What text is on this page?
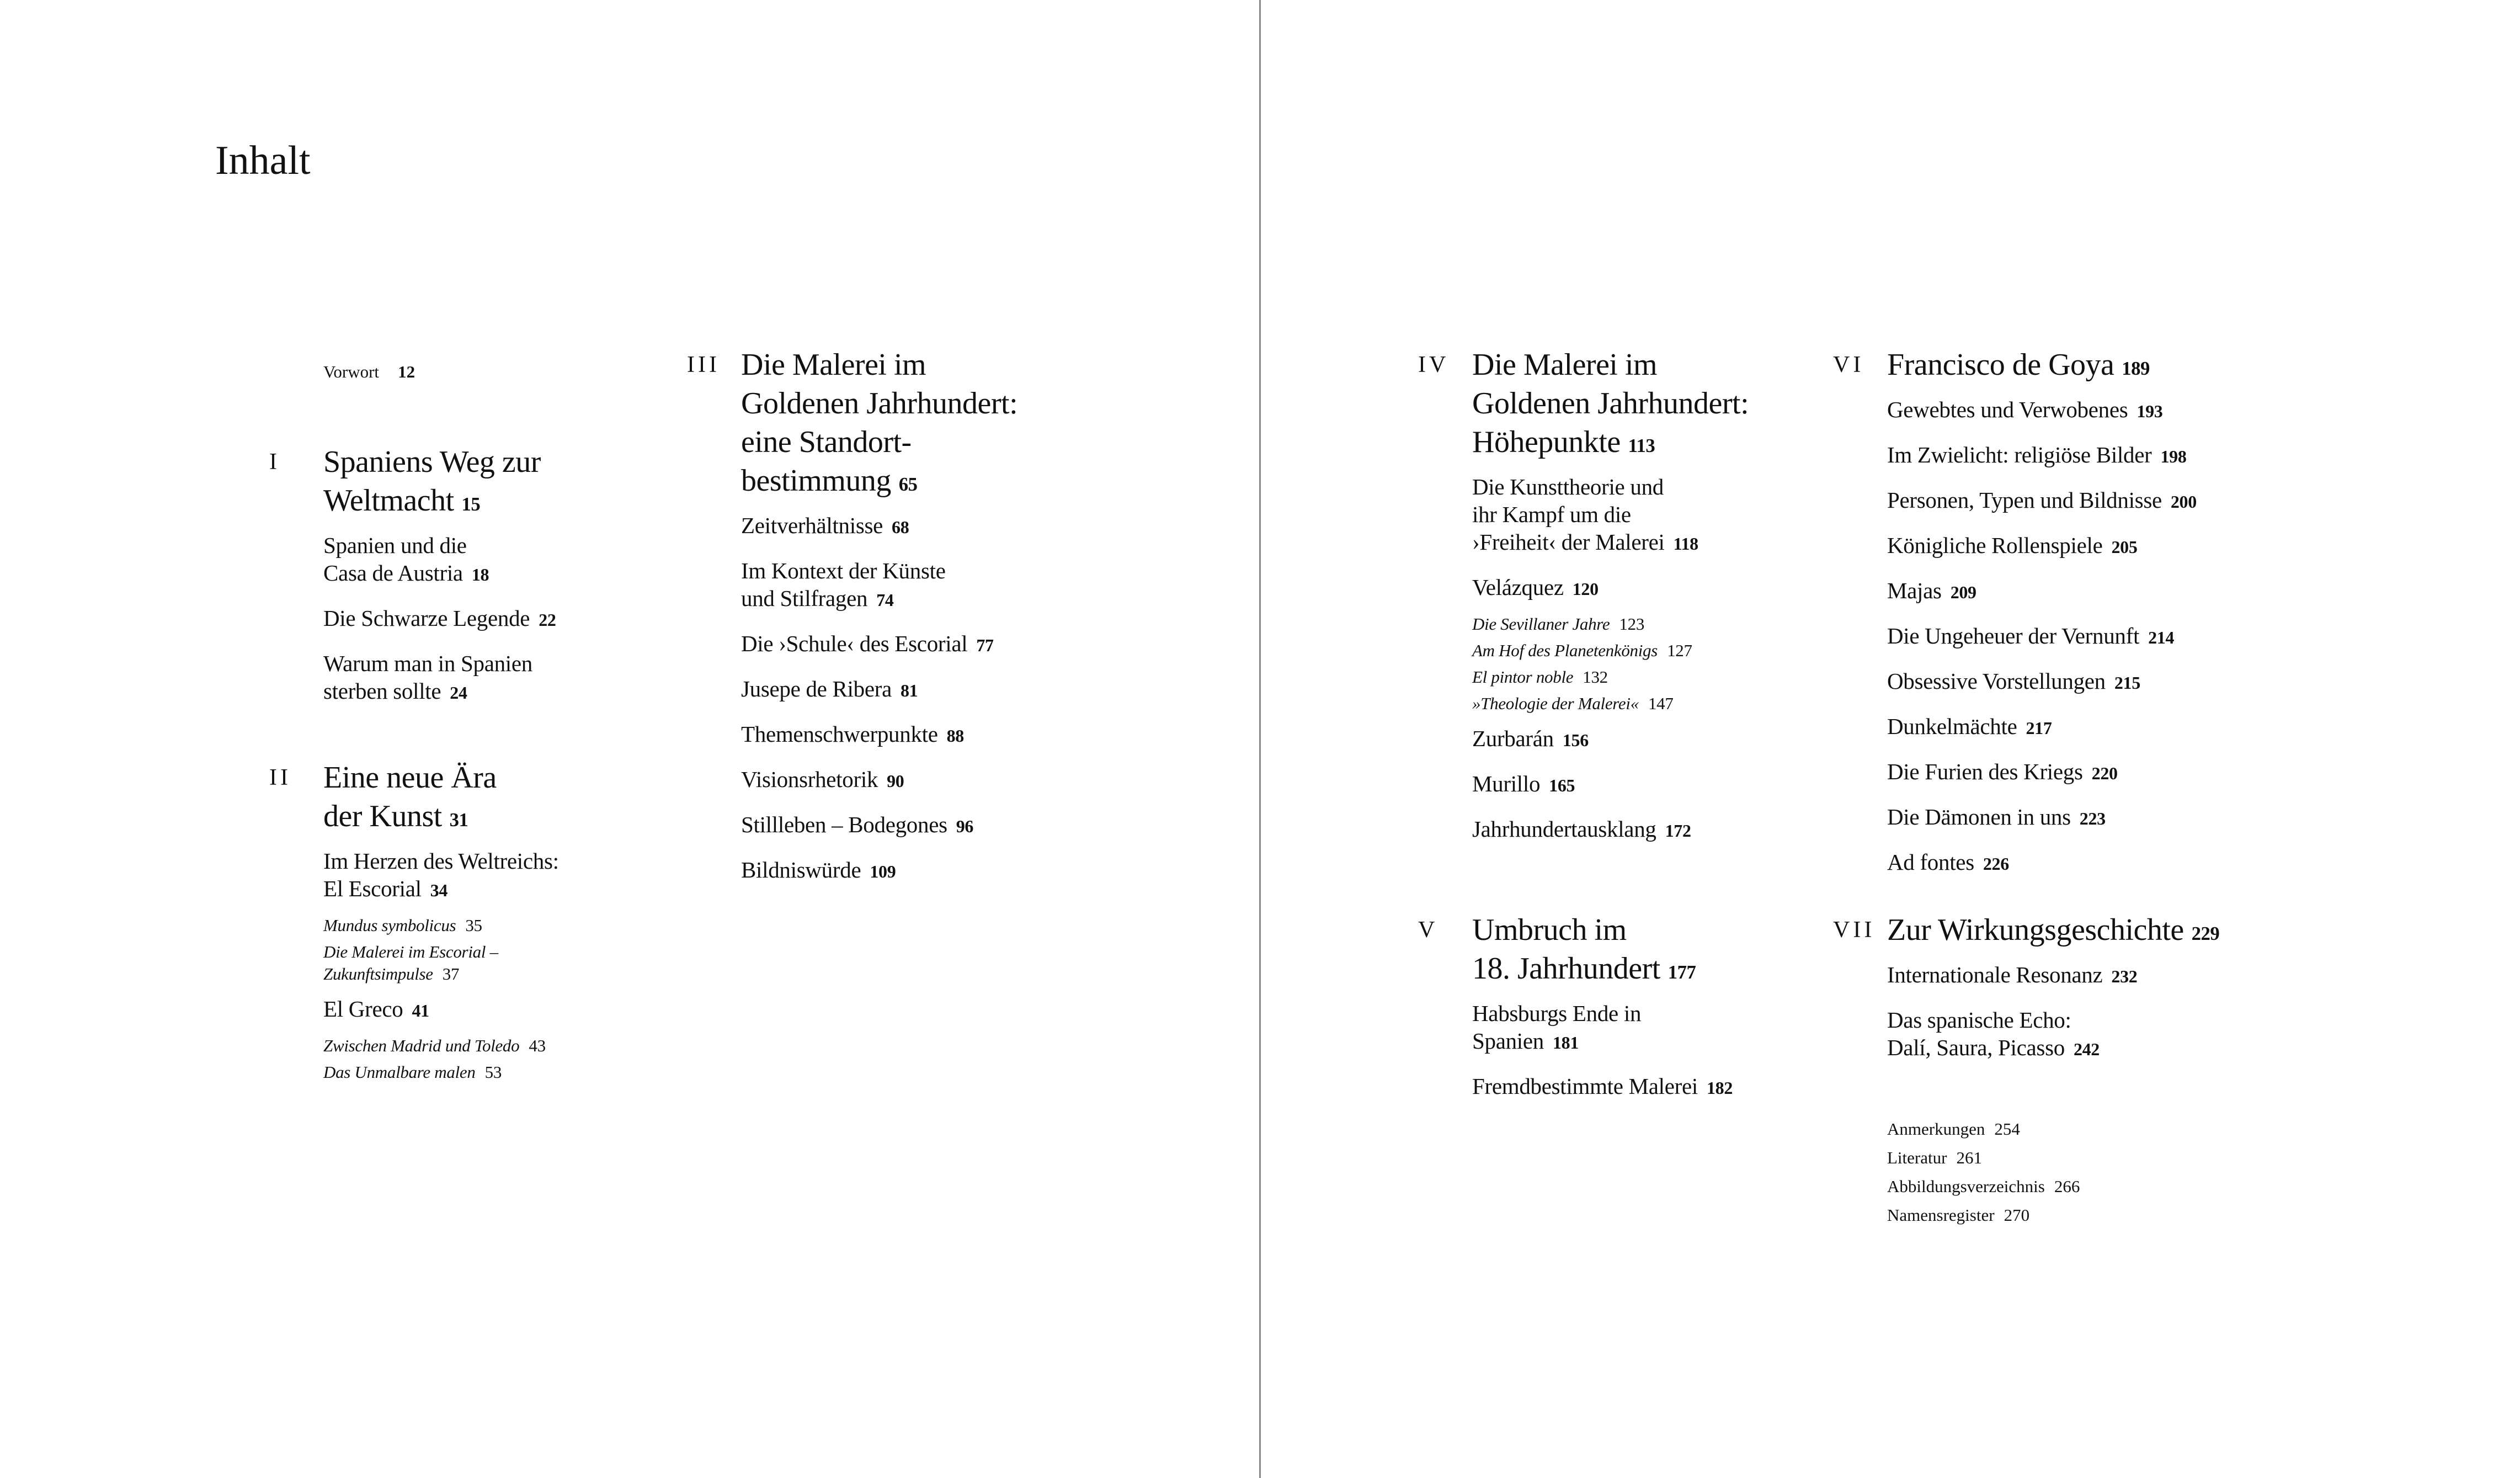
Inhalt
Vorwort 12
I Spaniens Weg zur
Weltmacht 15
Spanien und die
Casa de Austria 18
Die Schwarze Legende 22
Warum man in Spanien
sterben sollte 24
II Eine neue Ära
der Kunst 31
Im Herzen des Weltreichs:
El Escorial 34
Mundus symbolicus 35
Die Malerei im Escorial –
Zukunftsimpulse 37
El Greco 41
Zwischen Madrid und Toledo 43
Das Unmalbare malen 53
III Die Malerei im
Goldenen Jahrhundert:
eine Standort-
bestimmung 65
Zeitverhältnisse 68
Im Kontext der Künste
und Stilfragen 74
Die ›Schule‹ des Escorial 77
Jusepe de Ribera 81
Themenschwerpunkte 88
Visionsrhetorik 90
Stillleben – Bodegones 96
Bildniswürde 109
IV Die Malerei im
Goldenen Jahrhundert:
Höhepunkte 113
Die Kunsttheorie und
ihr Kampf um die
›Freiheit‹ der Malerei 118
Velázquez 120
Die Sevillaner Jahre 123
Am Hof des Planetenkönigs 127
El pintor noble 132
»Theologie der Malerei« 147
Zurbarán 156
Murillo 165
Jahrhundertausklang 172
V Umbruch im
18. Jahrhundert 177
Habsburgs Ende in
Spanien 181
Fremdbestimmte Malerei 182
VI Francisco de Goya 189
Gewebtes und Verwobenes 193
Im Zwielicht: religiöse Bilder 198
Personen, Typen und Bildnisse 200
Königliche Rollenspiele 205
Majas 209
Die Ungeheuer der Vernunft 214
Obsessive Vorstellungen 215
Dunkelmächte 217
Die Furien des Kriegs 220
Die Dämonen in uns 223
Ad fontes 226
VII Zur Wirkungsgeschichte 229
Internationale Resonanz 232
Das spanische Echo:
Dalí, Saura, Picasso 242
Anmerkungen 254
Literatur 261
Abbildungsverzeichnis 266
Namensregister 270
